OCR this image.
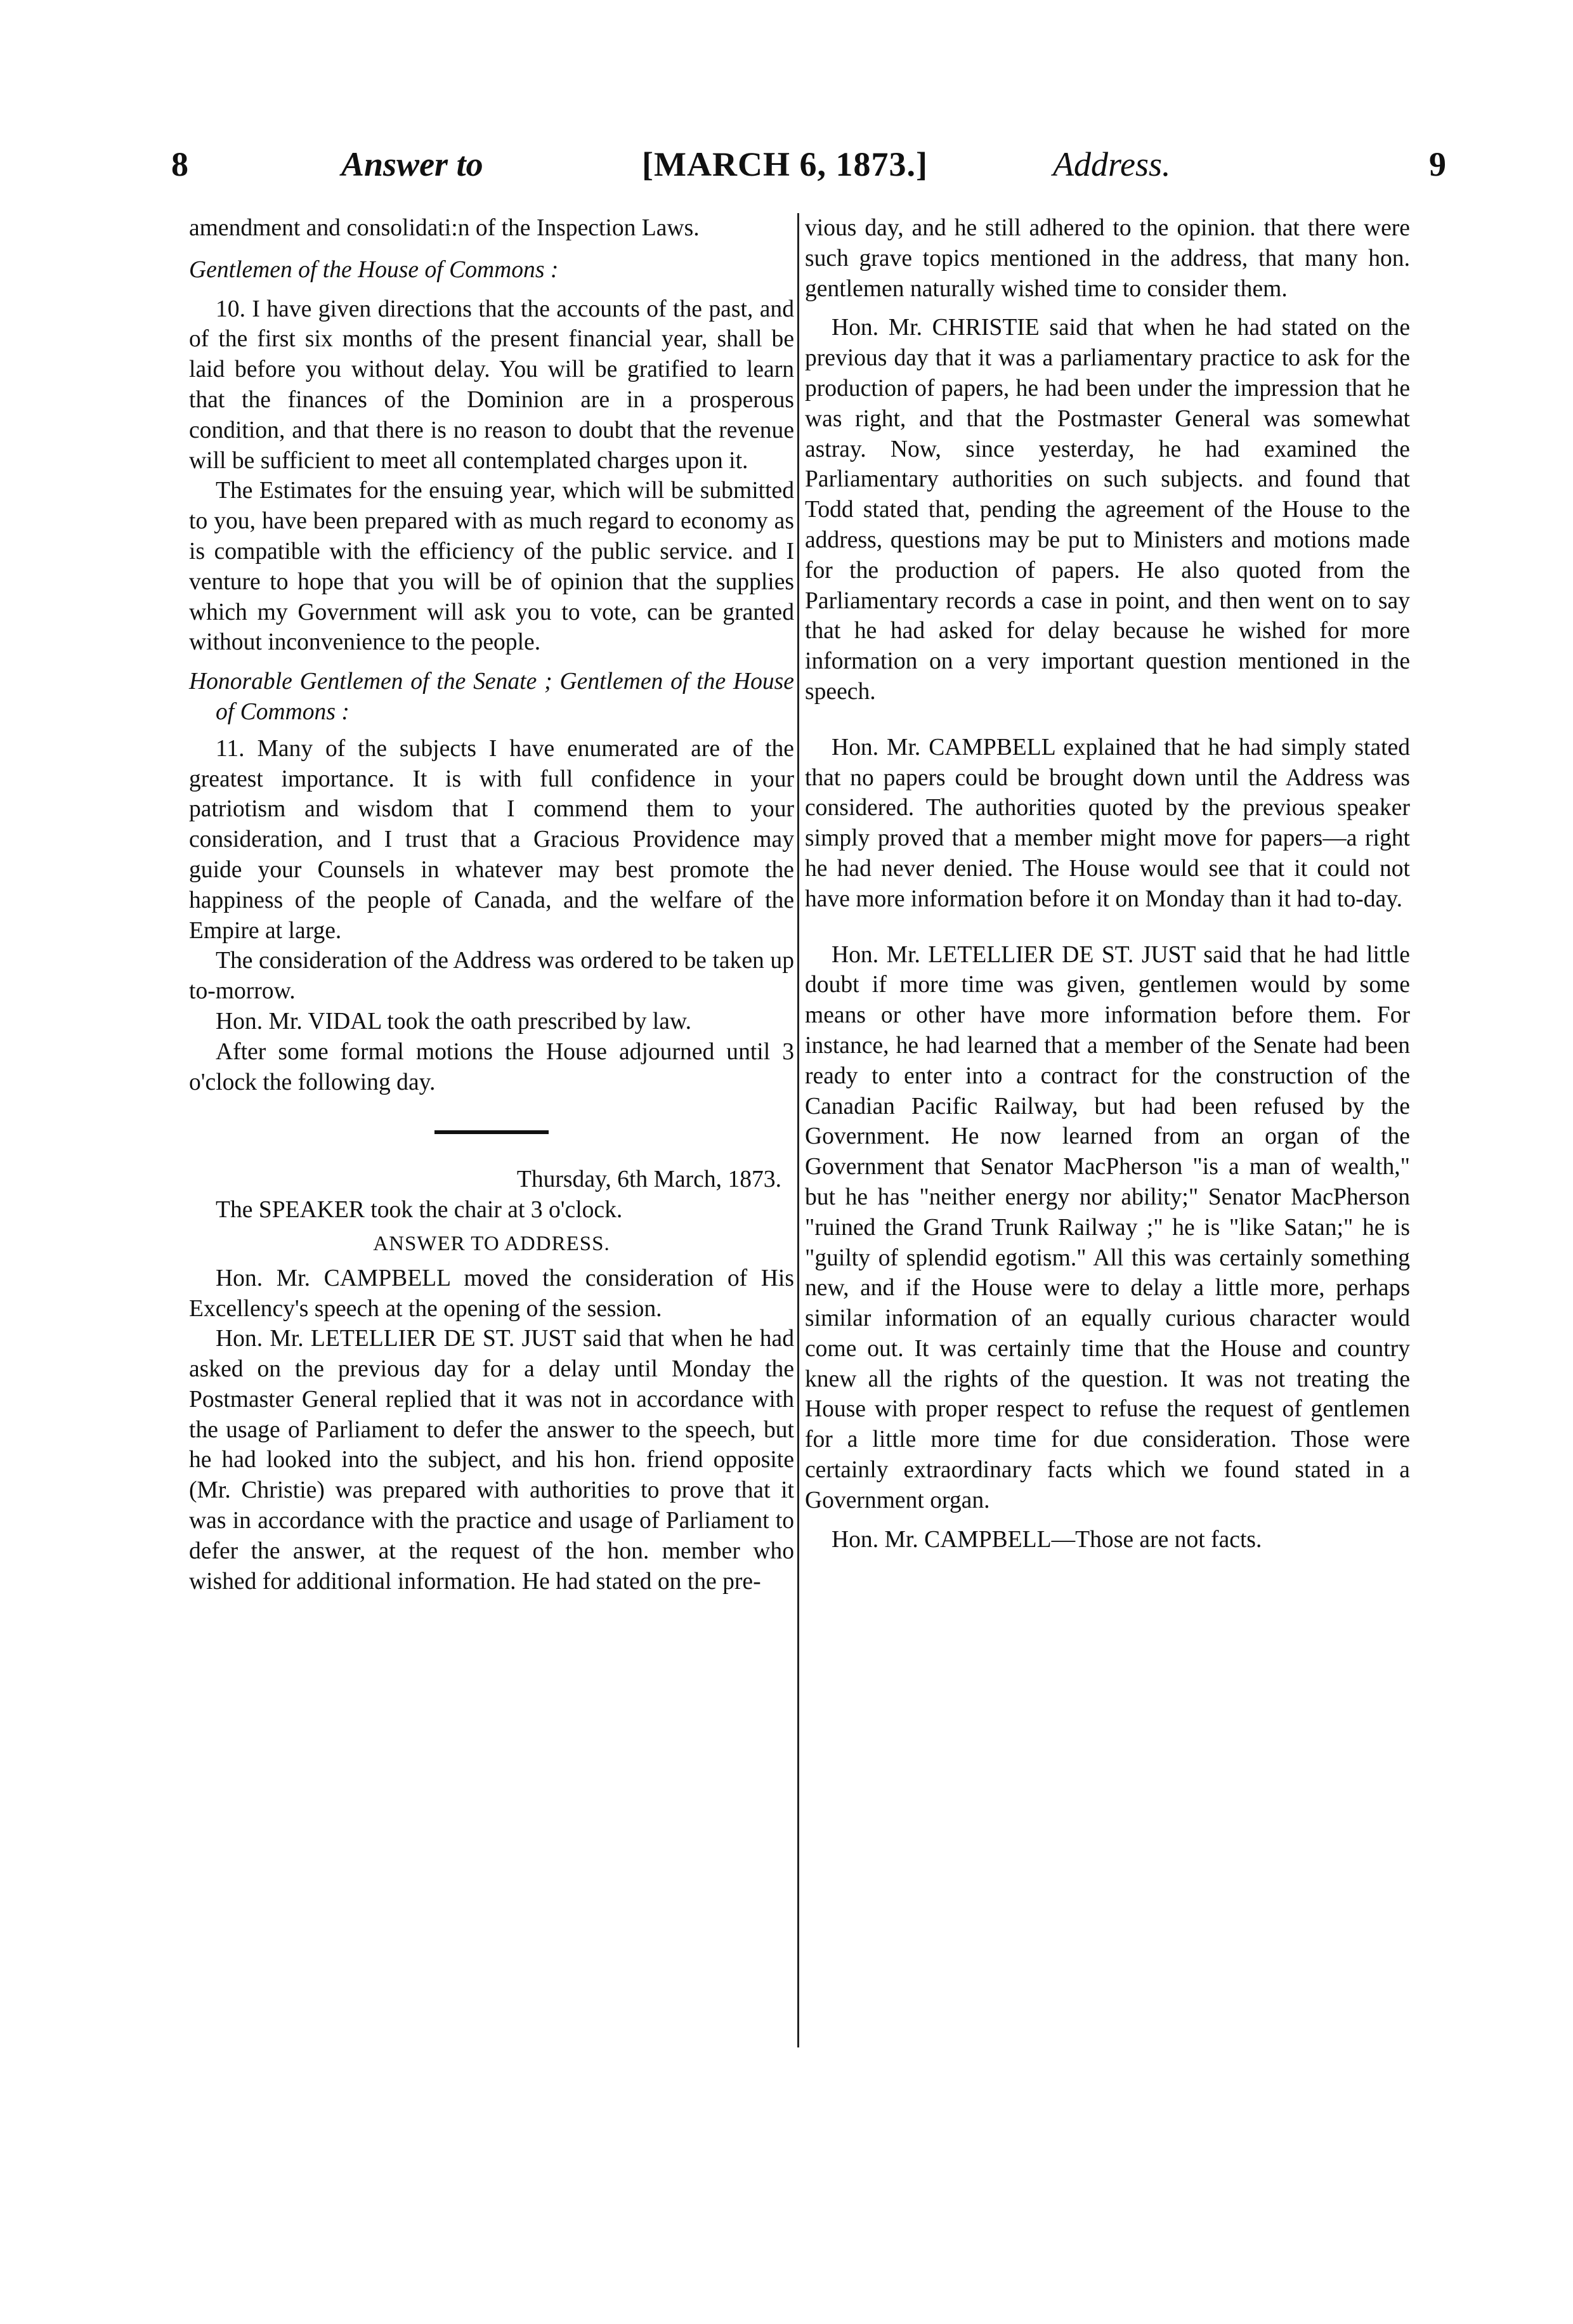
8	Answer to	[MARCH 6, 1873.]	Address.	9

amendment and consolidati:n of the Inspection Laws.

Gentlemen of the House of Commons :

10. I have given directions that the accounts of the past, and of the first six months of the present financial year, shall be laid before you without delay. You will be gratified to learn that the finances of the Dominion are in a prosperous condition, and that there is no reason to doubt that the revenue will be sufficient to meet all contemplated charges upon it.

The Estimates for the ensuing year, which will be submitted to you, have been prepared with as much regard to economy as is compatible with the efficiency of the public service. and I venture to hope that you will be of opinion that the supplies which my Government will ask you to vote, can be granted without inconvenience to the people.

Honorable Gentlemen of the Senate ; Gentlemen of the House of Commons :

11. Many of the subjects I have enumerated are of the greatest importance. It is with full confidence in your patriotism and wisdom that I commend them to your consideration, and I trust that a Gracious Providence may guide your Counsels in whatever may best promote the happiness of the people of Canada, and the welfare of the Empire at large.

The consideration of the Address was ordered to be taken up to-morrow.

Hon. Mr. VIDAL took the oath prescribed by law.

After some formal motions the House adjourned until 3 o'clock the following day.

Thursday, 6th March, 1873.

The SPEAKER took the chair at 3 o'clock.

ANSWER TO ADDRESS.

Hon. Mr. CAMPBELL moved the consideration of His Excellency's speech at the opening of the session.

Hon. Mr. LETELLIER DE ST. JUST said that when he had asked on the previous day for a delay until Monday the Postmaster General replied that it was not in accordance with the usage of Parliament to defer the answer to the speech, but he had looked into the subject, and his hon. friend opposite (Mr. Christie) was prepared with authorities to prove that it was in accordance with the practice and usage of Parliament to defer the answer, at the request of the hon. member who wished for additional information. He had stated on the pre-

vious day, and he still adhered to the opinion. that there were such grave topics mentioned in the address, that many hon. gentlemen naturally wished time to consider them.

Hon. Mr. CHRISTIE said that when he had stated on the previous day that it was a parliamentary practice to ask for the production of papers, he had been under the impression that he was right, and that the Postmaster General was somewhat astray. Now, since yesterday, he had examined the Parliamentary authorities on such subjects. and found that Todd stated that, pending the agreement of the House to the address, questions may be put to Ministers and motions made for the production of papers. He also quoted from the Parliamentary records a case in point, and then went on to say that he had asked for delay because he wished for more information on a very important question mentioned in the speech.

Hon. Mr. CAMPBELL explained that he had simply stated that no papers could be brought down until the Address was considered. The authorities quoted by the previous speaker simply proved that a member might move for papers—a right he had never denied. The House would see that it could not have more information before it on Monday than it had to-day.

Hon. Mr. LETELLIER DE ST. JUST said that he had little doubt if more time was given, gentlemen would by some means or other have more information before them. For instance, he had learned that a member of the Senate had been ready to enter into a contract for the construction of the Canadian Pacific Railway, but had been refused by the Government. He now learned from an organ of the Government that Senator MacPherson "is a man of wealth," but he has "neither energy nor ability;" Senator MacPherson "ruined the Grand Trunk Railway ;" he is "like Satan;" he is "guilty of splendid egotism." All this was certainly something new, and if the House were to delay a little more, perhaps similar information of an equally curious character would come out. It was certainly time that the House and country knew all the rights of the question. It was not treating the House with proper respect to refuse the request of gentlemen for a little more time for due consideration. Those were certainly extraordinary facts which we found stated in a Government organ.

Hon. Mr. CAMPBELL—Those are not facts.
